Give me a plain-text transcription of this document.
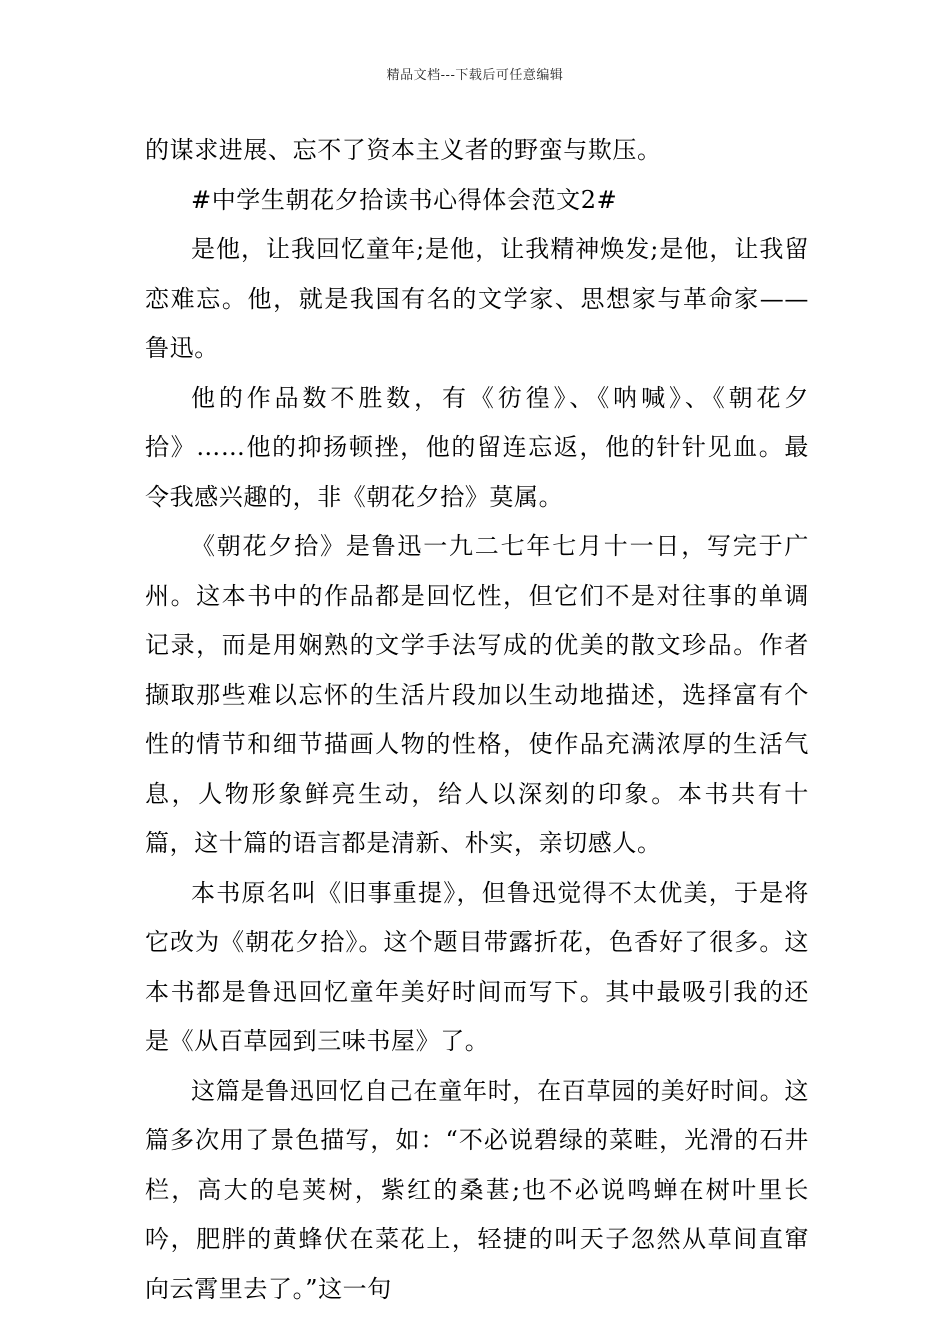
精品文档---下载后可任意编辑

的谋求进展、忘不了资本主义者的野蛮与欺压。

#中学生朝花夕拾读书心得体会范文2#

是他，让我回忆童年;是他，让我精神焕发;是他，让我留恋难忘。他，就是我国有名的文学家、思想家与革命家——鲁迅。

他的作品数不胜数，有《彷徨》、《呐喊》、《朝花夕拾》……他的抑扬顿挫，他的留连忘返，他的针针见血。最令我感兴趣的，非《朝花夕拾》莫属。

《朝花夕拾》是鲁迅一九二七年七月十一日，写完于广州。这本书中的作品都是回忆性，但它们不是对往事的单调记录，而是用娴熟的文学手法写成的优美的散文珍品。作者撷取那些难以忘怀的生活片段加以生动地描述，选择富有个性的情节和细节描画人物的性格，使作品充满浓厚的生活气息，人物形象鲜亮生动，给人以深刻的印象。本书共有十篇，这十篇的语言都是清新、朴实，亲切感人。

本书原名叫《旧事重提》，但鲁迅觉得不太优美，于是将它改为《朝花夕拾》。这个题目带露折花，色香好了很多。这本书都是鲁迅回忆童年美好时间而写下。其中最吸引我的还是《从百草园到三味书屋》了。

这篇是鲁迅回忆自己在童年时，在百草园的美好时间。这篇多次用了景色描写，如：“不必说碧绿的菜畦，光滑的石井栏，高大的皂荚树，紫红的桑葚;也不必说鸣蝉在树叶里长吟，肥胖的黄蜂伏在菜花上，轻捷的叫天子忽然从草间直窜向云霄里去了。”这一句
